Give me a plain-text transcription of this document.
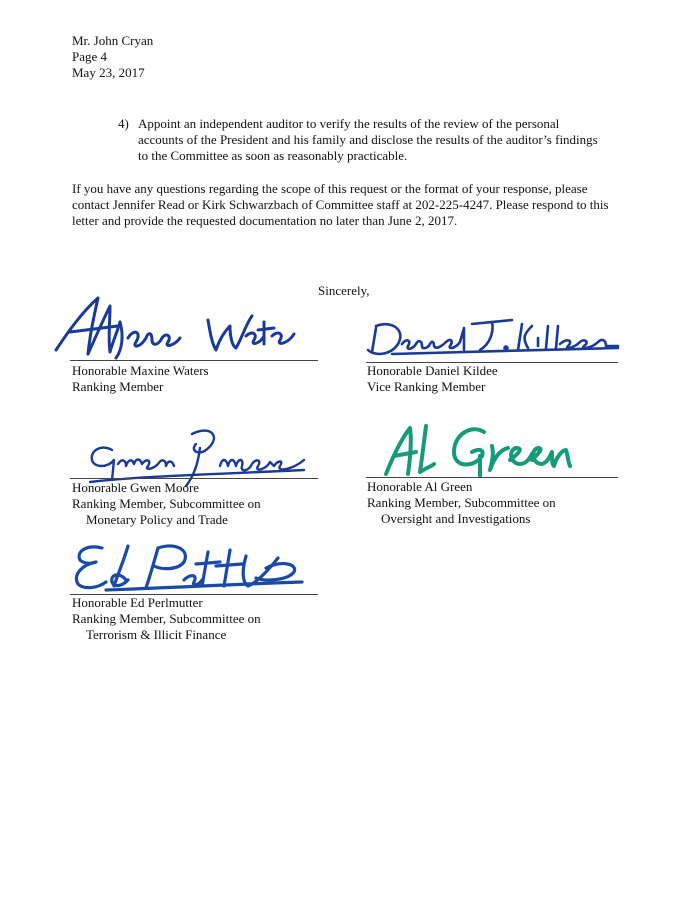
Mr. John Cryan
Page 4
May 23, 2017
4) Appoint an independent auditor to verify the results of the review of the personal accounts of the President and his family and disclose the results of the auditor’s findings to the Committee as soon as reasonably practicable.
If you have any questions regarding the scope of this request or the format of your response, please contact Jennifer Read or Kirk Schwarzbach of Committee staff at 202-225-4247. Please respond to this letter and provide the requested documentation no later than June 2, 2017.
Sincerely,
Honorable Maxine Waters
Ranking Member
Honorable Daniel Kildee
Vice Ranking Member
Honorable Gwen Moore
Ranking Member, Subcommittee on
Monetary Policy and Trade
Honorable Al Green
Ranking Member, Subcommittee on
Oversight and Investigations
Honorable Ed Perlmutter
Ranking Member, Subcommittee on
Terrorism & Illicit Finance
